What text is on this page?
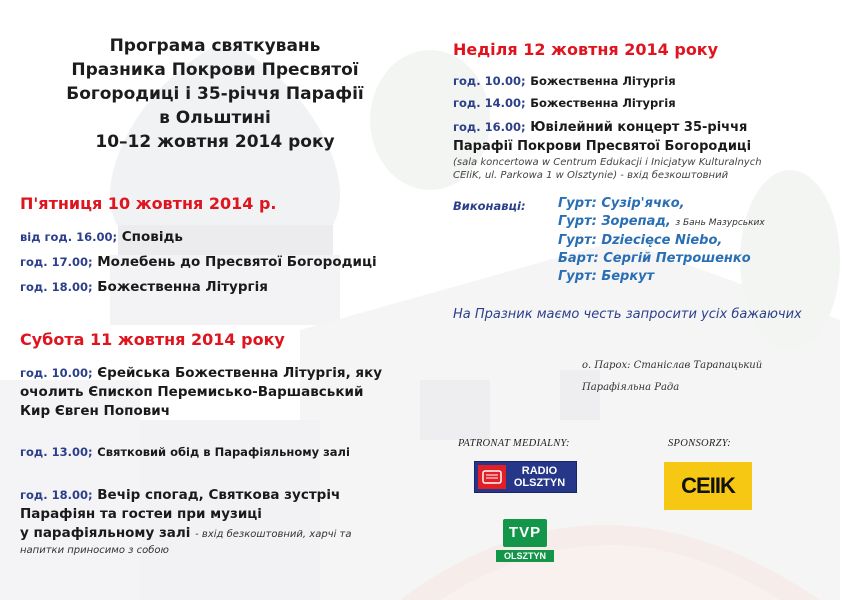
Програма святкувань
Празника Покрови Пресвятої
Богородиці і 35-річчя Парафії
в Ольштині
10–12 жовтня 2014 року
П'ятниця 10 жовтня 2014 р.
від год. 16.00; Сповідь
год. 17.00; Молебень до Пресвятої Богородиці
год. 18.00; Божественна Літургія
Субота 11 жовтня 2014 року
год. 10.00; Єрейська Божественна Літургія, яку
очолить Єпископ Перемисько-Варшавський
Кир Євген Попович
год. 13.00; Святковий обід в Парафіяльному залі
год. 18.00; Вечір спогад, Святкова зустріч
Парафіян та гостеи при музиці
у парафіяльному залі - вхід безкоштовний, харчі та
напитки приносимо з собою
Неділя 12 жовтня 2014 року
год. 10.00; Божественна Літургія
год. 14.00; Божественна Літургія
год. 16.00; Ювілейний концерт 35-річчя
Парафії Покрови Пресвятої Богородиці
(sala koncertowa w Centrum Edukacji i Inicjatyw Kulturalnych
CEIiK, ul. Parkowa 1 w Olsztynie) - вхід безкоштовний
Виконавці: Гурт: Сузір'ячко,
Гурт: Зорепад, з Бань Мазурських
Гурт: Dziecięce Niebo,
Барт: Сергій Петрошенко
Гурт: Беркут
На Празник маємо честь запросити усіх бажаючих
о. Парох: Станіслав Тарапацький
Парафіяльна Рада
PATRONAT MEDIALNY:	SPONSORZY:
RADIO
OLSZTYN
TVP
OLSZTYN
CEIIK
